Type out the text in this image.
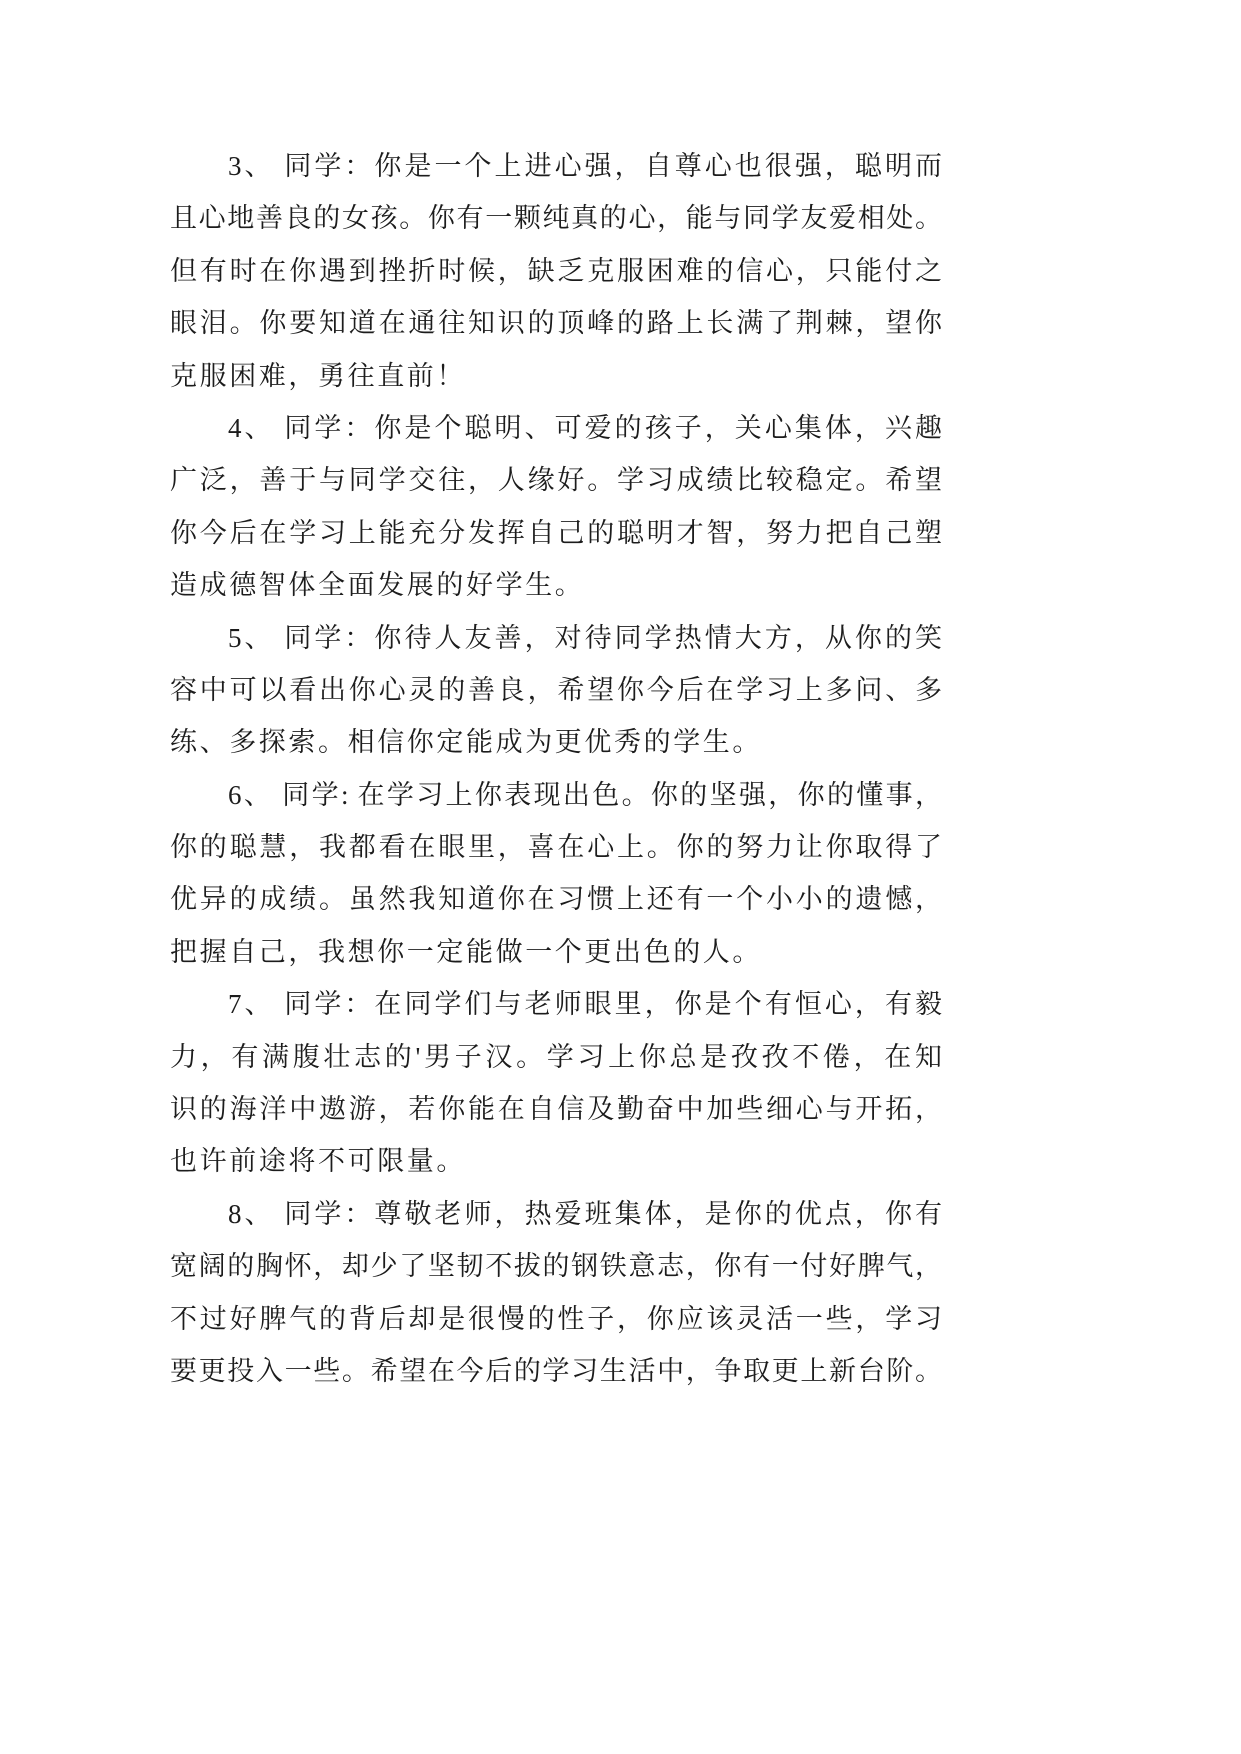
3、 同学：你是一个上进心强，自尊心也很强，聪明而
且心地善良的女孩。你有一颗纯真的心，能与同学友爱相处。
但有时在你遇到挫折时候，缺乏克服困难的信心，只能付之
眼泪。你要知道在通往知识的顶峰的路上长满了荆棘，望你
克服困难，勇往直前！
4、 同学：你是个聪明、可爱的孩子，关心集体，兴趣
广泛，善于与同学交往，人缘好。学习成绩比较稳定。希望
你今后在学习上能充分发挥自己的聪明才智，努力把自己塑
造成德智体全面发展的好学生。
5、 同学：你待人友善，对待同学热情大方，从你的笑
容中可以看出你心灵的善良，希望你今后在学习上多问、多
练、多探索。相信你定能成为更优秀的学生。
6、 同学: 在学习上你表现出色。你的坚强，你的懂事，
你的聪慧，我都看在眼里，喜在心上。你的努力让你取得了
优异的成绩。虽然我知道你在习惯上还有一个小小的遗憾，
把握自己，我想你一定能做一个更出色的人。
7、 同学：在同学们与老师眼里，你是个有恒心，有毅
力，有满腹壮志的'男子汉。学习上你总是孜孜不倦，在知
识的海洋中遨游，若你能在自信及勤奋中加些细心与开拓，
也许前途将不可限量。
8、 同学：尊敬老师，热爱班集体，是你的优点，你有
宽阔的胸怀，却少了坚韧不拔的钢铁意志，你有一付好脾气，
不过好脾气的背后却是很慢的性子，你应该灵活一些，学习
要更投入一些。希望在今后的学习生活中，争取更上新台阶。
